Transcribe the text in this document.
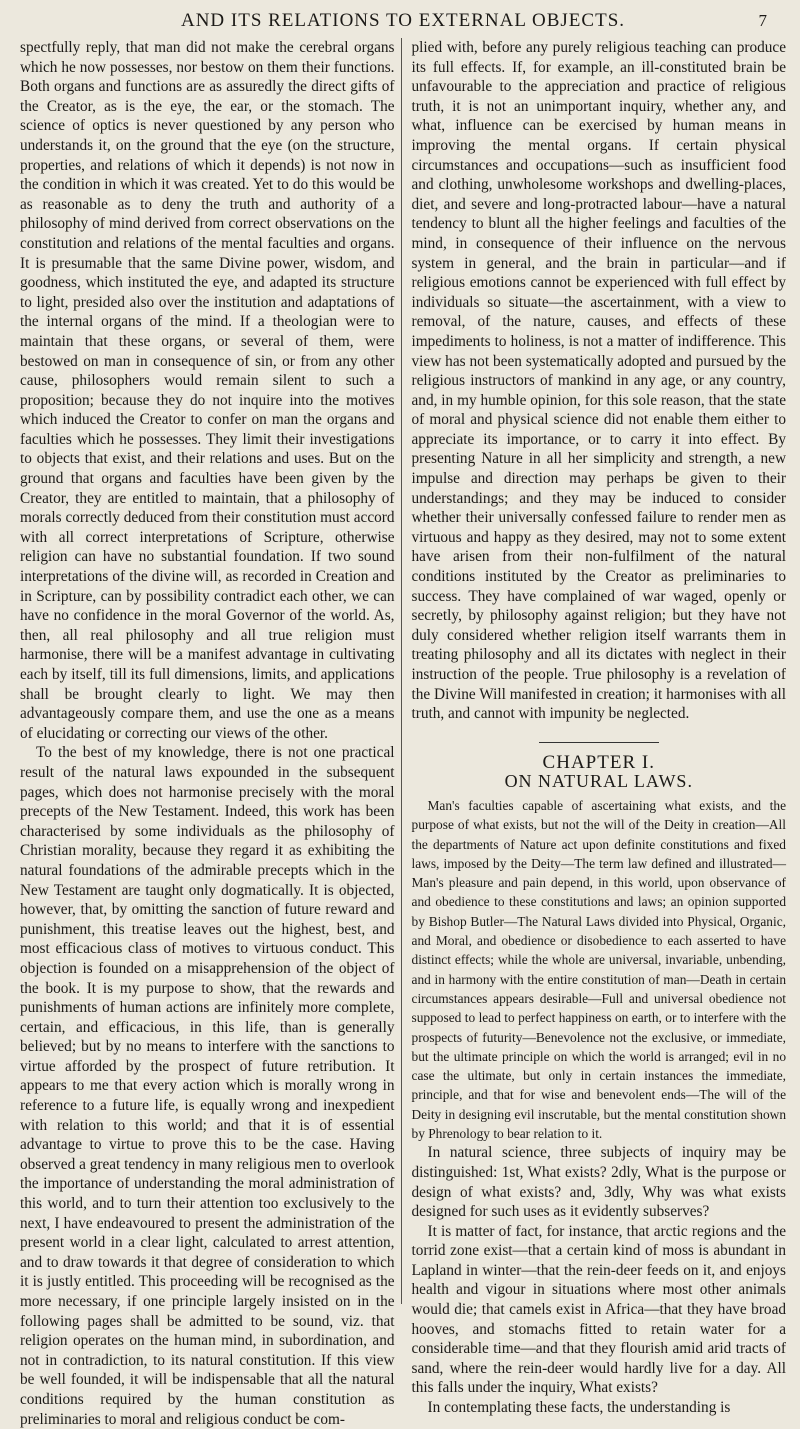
AND ITS RELATIONS TO EXTERNAL OBJECTS.	7

spectfully reply, that man did not make the cerebral organs which he now possesses, nor bestow on them their functions. Both organs and functions are as assuredly the direct gifts of the Creator, as is the eye, the ear, or the stomach. The science of optics is never questioned by any person who understands it, on the ground that the eye (on the structure, properties, and relations of which it depends) is not now in the condition in which it was created. Yet to do this would be as reasonable as to deny the truth and authority of a philosophy of mind derived from correct observations on the constitution and relations of the mental faculties and organs. It is presumable that the same Divine power, wisdom, and goodness, which instituted the eye, and adapted its structure to light, presided also over the institution and adaptations of the internal organs of the mind. If a theologian were to maintain that these organs, or several of them, were bestowed on man in consequence of sin, or from any other cause, philosophers would remain silent to such a proposition; because they do not inquire into the motives which induced the Creator to confer on man the organs and faculties which he possesses. They limit their investigations to objects that exist, and their relations and uses. But on the ground that organs and faculties have been given by the Creator, they are entitled to maintain, that a philosophy of morals correctly deduced from their constitution must accord with all correct interpretations of Scripture, otherwise religion can have no substantial foundation. If two sound interpretations of the divine will, as recorded in Creation and in Scripture, can by possibility contradict each other, we can have no confidence in the moral Governor of the world. As, then, all real philosophy and all true religion must harmonise, there will be a manifest advantage in cultivating each by itself, till its full dimensions, limits, and applications shall be brought clearly to light. We may then advantageously compare them, and use the one as a means of elucidating or correcting our views of the other.

To the best of my knowledge, there is not one practical result of the natural laws expounded in the subsequent pages, which does not harmonise precisely with the moral precepts of the New Testament. Indeed, this work has been characterised by some individuals as the philosophy of Christian morality, because they regard it as exhibiting the natural foundations of the admirable precepts which in the New Testament are taught only dogmatically. It is objected, however, that, by omitting the sanction of future reward and punishment, this treatise leaves out the highest, best, and most efficacious class of motives to virtuous conduct. This objection is founded on a misapprehension of the object of the book. It is my purpose to show, that the rewards and punishments of human actions are infinitely more complete, certain, and efficacious, in this life, than is generally believed; but by no means to interfere with the sanctions to virtue afforded by the prospect of future retribution. It appears to me that every action which is morally wrong in reference to a future life, is equally wrong and inexpedient with relation to this world; and that it is of essential advantage to virtue to prove this to be the case. Having observed a great tendency in many religious men to overlook the importance of understanding the moral administration of this world, and to turn their attention too exclusively to the next, I have endeavoured to present the administration of the present world in a clear light, calculated to arrest attention, and to draw towards it that degree of consideration to which it is justly entitled. This proceeding will be recognised as the more necessary, if one principle largely insisted on in the following pages shall be admitted to be sound, viz. that religion operates on the human mind, in subordination, and not in contradiction, to its natural constitution. If this view be well founded, it will be indispensable that all the natural conditions required by the human constitution as preliminaries to moral and religious conduct be com-

plied with, before any purely religious teaching can produce its full effects. If, for example, an ill-constituted brain be unfavourable to the appreciation and practice of religious truth, it is not an unimportant inquiry, whether any, and what, influence can be exercised by human means in improving the mental organs. If certain physical circumstances and occupations—such as insufficient food and clothing, unwholesome workshops and dwelling-places, diet, and severe and long-protracted labour—have a natural tendency to blunt all the higher feelings and faculties of the mind, in consequence of their influence on the nervous system in general, and the brain in particular—and if religious emotions cannot be experienced with full effect by individuals so situate—the ascertainment, with a view to removal, of the nature, causes, and effects of these impediments to holiness, is not a matter of indifference. This view has not been systematically adopted and pursued by the religious instructors of mankind in any age, or any country, and, in my humble opinion, for this sole reason, that the state of moral and physical science did not enable them either to appreciate its importance, or to carry it into effect. By presenting Nature in all her simplicity and strength, a new impulse and direction may perhaps be given to their understandings; and they may be induced to consider whether their universally confessed failure to render men as virtuous and happy as they desired, may not to some extent have arisen from their non-fulfilment of the natural conditions instituted by the Creator as preliminaries to success. They have complained of war waged, openly or secretly, by philosophy against religion; but they have not duly considered whether religion itself warrants them in treating philosophy and all its dictates with neglect in their instruction of the people. True philosophy is a revelation of the Divine Will manifested in creation; it harmonises with all truth, and cannot with impunity be neglected.

CHAPTER I.
ON NATURAL LAWS.

Man's faculties capable of ascertaining what exists, and the purpose of what exists, but not the will of the Deity in creation—All the departments of Nature act upon definite constitutions and fixed laws, imposed by the Deity—The term law defined and illustrated—Man's pleasure and pain depend, in this world, upon observance of and obedience to these constitutions and laws; an opinion supported by Bishop Butler—The Natural Laws divided into Physical, Organic, and Moral, and obedience or disobedience to each asserted to have distinct effects; while the whole are universal, invariable, unbending, and in harmony with the entire constitution of man—Death in certain circumstances appears desirable—Full and universal obedience not supposed to lead to perfect happiness on earth, or to interfere with the prospects of futurity—Benevolence not the exclusive, or immediate, but the ultimate principle on which the world is arranged; evil in no case the ultimate, but only in certain instances the immediate, principle, and that for wise and benevolent ends—The will of the Deity in designing evil inscrutable, but the mental constitution shown by Phrenology to bear relation to it.

In natural science, three subjects of inquiry may be distinguished: 1st, What exists? 2dly, What is the purpose or design of what exists? and, 3dly, Why was what exists designed for such uses as it evidently subserves?

It is matter of fact, for instance, that arctic regions and the torrid zone exist—that a certain kind of moss is abundant in Lapland in winter—that the rein-deer feeds on it, and enjoys health and vigour in situations where most other animals would die; that camels exist in Africa—that they have broad hooves, and stomachs fitted to retain water for a considerable time—and that they flourish amid arid tracts of sand, where the rein-deer would hardly live for a day. All this falls under the inquiry, What exists?

In contemplating these facts, the understanding is
